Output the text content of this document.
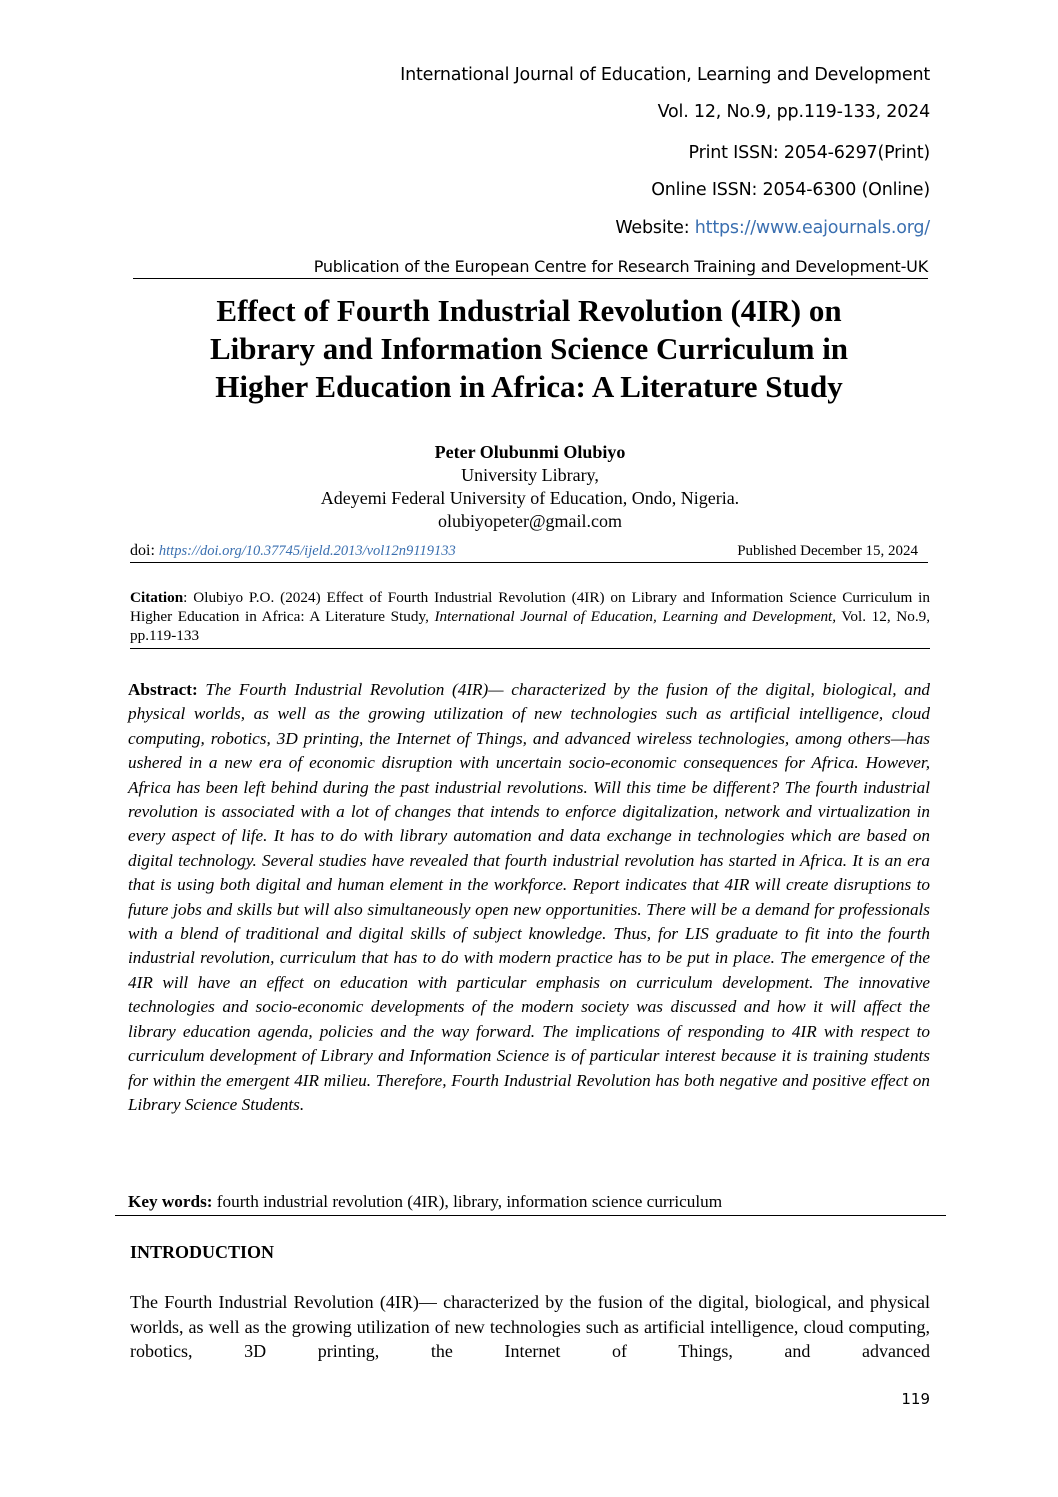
International Journal of Education, Learning and Development
Vol. 12, No.9, pp.119-133, 2024
Print ISSN: 2054-6297(Print)
Online ISSN: 2054-6300 (Online)
Website: https://www.eajournals.org/
Publication of the European Centre for Research Training and Development-UK
Effect of Fourth Industrial Revolution (4IR) on
Library and Information Science Curriculum in
Higher Education in Africa: A Literature Study
Peter Olubunmi Olubiyo
University Library,
Adeyemi Federal University of Education, Ondo, Nigeria.
olubiyopeter@gmail.com
doi: https://doi.org/10.37745/ijeld.2013/vol12n9119133	Published December 15, 2024
Citation: Olubiyo P.O. (2024) Effect of Fourth Industrial Revolution (4IR) on Library and Information Science Curriculum in Higher Education in Africa: A Literature Study, International Journal of Education, Learning and Development, Vol. 12, No.9, pp.119-133
Abstract: The Fourth Industrial Revolution (4IR)— characterized by the fusion of the digital, biological, and physical worlds, as well as the growing utilization of new technologies such as artificial intelligence, cloud computing, robotics, 3D printing, the Internet of Things, and advanced wireless technologies, among others—has ushered in a new era of economic disruption with uncertain socio-economic consequences for Africa. However, Africa has been left behind during the past industrial revolutions. Will this time be different? The fourth industrial revolution is associated with a lot of changes that intends to enforce digitalization, network and virtualization in every aspect of life. It has to do with library automation and data exchange in technologies which are based on digital technology. Several studies have revealed that fourth industrial revolution has started in Africa. It is an era that is using both digital and human element in the workforce. Report indicates that 4IR will create disruptions to future jobs and skills but will also simultaneously open new opportunities. There will be a demand for professionals with a blend of traditional and digital skills of subject knowledge. Thus, for LIS graduate to fit into the fourth industrial revolution, curriculum that has to do with modern practice has to be put in place. The emergence of the 4IR will have an effect on education with particular emphasis on curriculum development. The innovative technologies and socio-economic developments of the modern society was discussed and how it will affect the library education agenda, policies and the way forward. The implications of responding to 4IR with respect to curriculum development of Library and Information Science is of particular interest because it is training students for within the emergent 4IR milieu. Therefore, Fourth Industrial Revolution has both negative and positive effect on Library Science Students.
Key words: fourth industrial revolution (4IR), library, information science curriculum
INTRODUCTION

The Fourth Industrial Revolution (4IR)— characterized by the fusion of the digital, biological, and physical worlds, as well as the growing utilization of new technologies such as artificial intelligence, cloud computing, robotics, 3D printing, the Internet of Things, and advanced

119
